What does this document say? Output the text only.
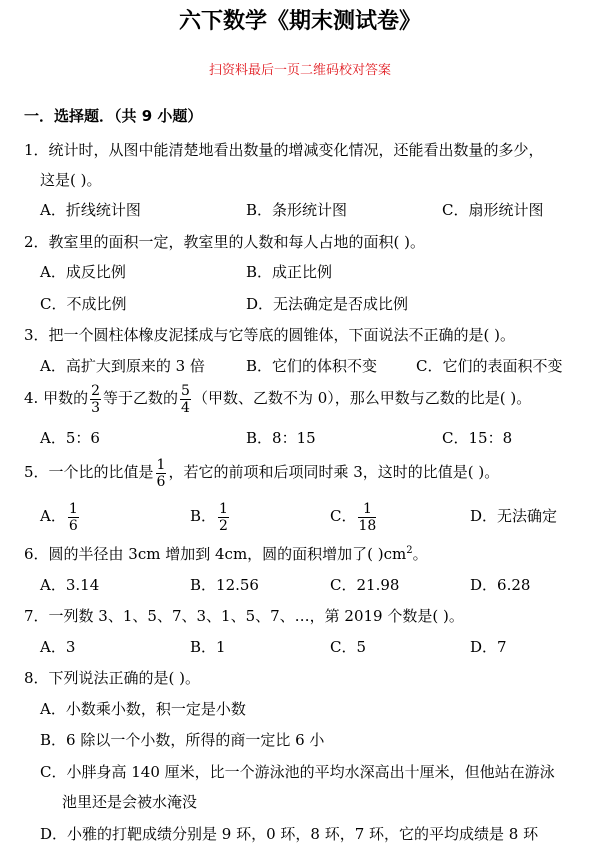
六下数学《期末测试卷》
扫资料最后一页二维码校对答案
一．选择题．（共 9 小题）
1．统计时，从图中能清楚地看出数量的增减变化情况，还能看出数量的多少，
这是( )。
A．折线统计图	B．条形统计图	C．扇形统计图
2．教室里的面积一定，教室里的人数和每人占地的面积( )。
A．成反比例	B．成正比例
C．不成比例	D．无法确定是否成比例
3．把一个圆柱体橡皮泥揉成与它等底的圆锥体，下面说法不正确的是( )。
A．高扩大到原来的 3 倍	B．它们的体积不变	C．它们的表面积不变
4. 甲数的 $\frac{2}{3}$ 等于乙数的 $\frac{5}{4}$ （甲数、乙数不为 0），那么甲数与乙数的比是( )。
A．5：6	B．8：15	C．15：8
5．一个比的比值是 $\frac{1}{6}$ ，若它的前项和后项同时乘 3，这时的比值是( )。
A． $\frac{1}{6}$	B． $\frac{1}{2}$	C． $\frac{1}{18}$	D．无法确定
6．圆的半径由 3cm 增加到 4cm，圆的面积增加了( )$cm^2$。
A．3.14	B．12.56	C．21.98	D．6.28
7．一列数 3、1、5、7、3、1、5、7、…，第 2019 个数是( )。
A．3	B．1	C．5	D．7
8．下列说法正确的是( )。
A．小数乘小数，积一定是小数
B．6 除以一个小数，所得的商一定比 6 小
C．小胖身高 140 厘米，比一个游泳池的平均水深高出十厘米，但他站在游泳
池里还是会被水淹没
D．小雅的打靶成绩分别是 9 环，0 环，8 环，7 环，它的平均成绩是 8 环
